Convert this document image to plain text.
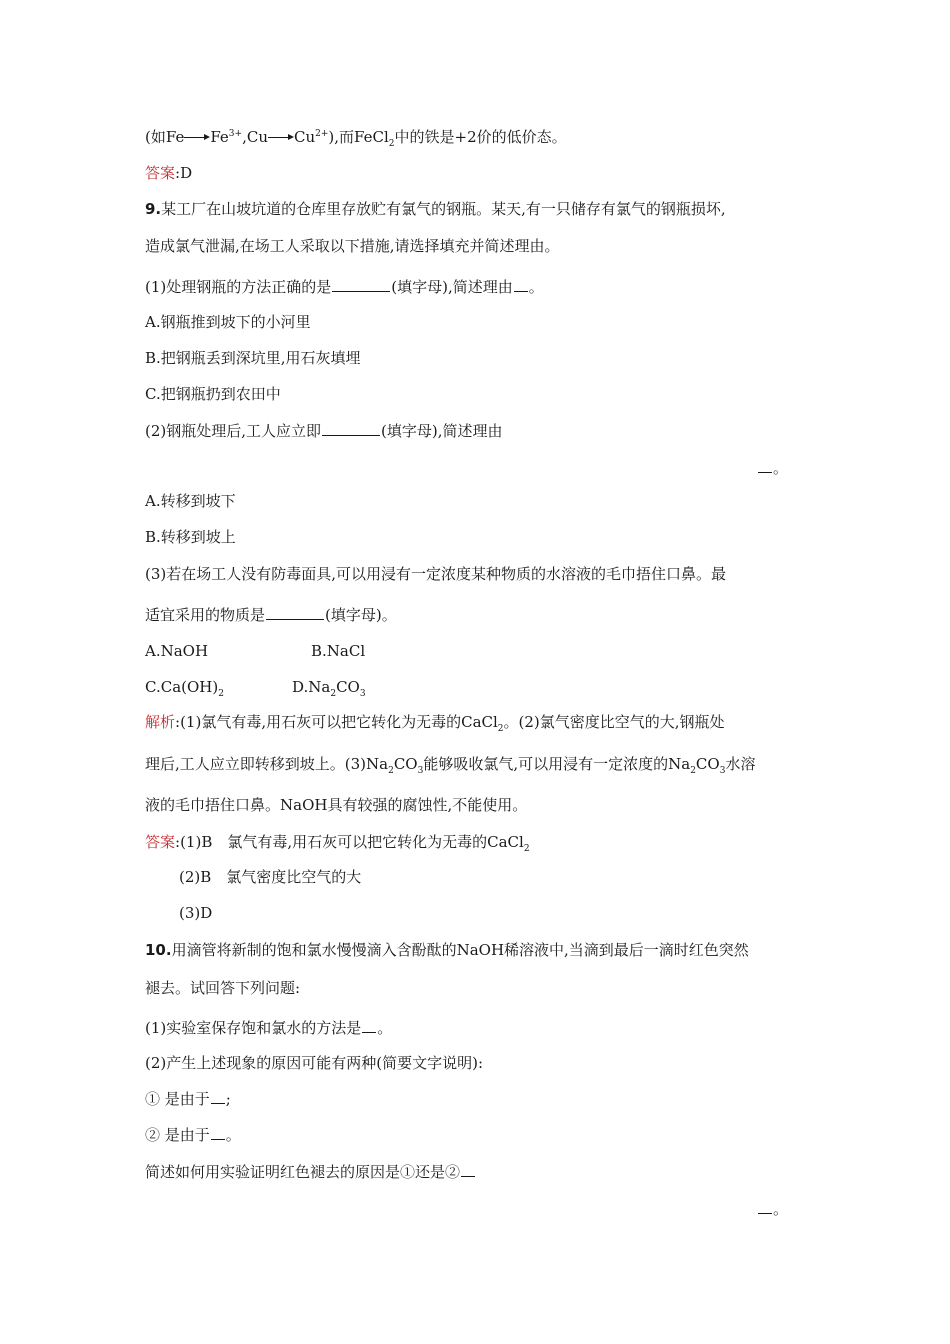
(如Fe $Fe^{3+},Cu$ $Cu^{2+}$),而FeCl$_2$中的铁是+2价的低价态。
答案:D
9.某工厂在山坡坑道的仓库里存放贮有氯气的钢瓶。某天,有一只储存有氯气的钢瓶损坏,
造成氯气泄漏,在场工人采取以下措施,请选择填充并简述理由。
(1)处理钢瓶的方法正确的是	(填字母),简述理由 。
A.钢瓶推到坡下的小河里
B.把钢瓶丢到深坑里,用石灰填埋
C.把钢瓶扔到农田中
(2)钢瓶处理后,工人应立即	(填字母),简述理由
。
A.转移到坡下
B.转移到坡上
(3)若在场工人没有防毒面具,可以用浸有一定浓度某种物质的水溶液的毛巾捂住口鼻。最
适宜采用的物质是	(填字母)。
A.NaOH	B.NaCl
$C.Ca(OH)_2$	$D.Na_2CO_3$
解析:(1)氯气有毒,用石灰可以把它转化为无毒的CaCl$_2$。(2)氯气密度比空气的大,钢瓶处
理后,工人应立即转移到坡上。$(3)Na_2CO_3$能够吸收氯气,可以用浸有一定浓度的$Na_2CO_3$水溶
液的毛巾捂住口鼻。NaOH具有较强的腐蚀性,不能使用。
答案:(1)B　氯气有毒,用石灰可以把它转化为无毒的CaCl$_2$
(2)B　氯气密度比空气的大
(3)D
10.用滴管将新制的饱和氯水慢慢滴入含酚酞的NaOH稀溶液中,当滴到最后一滴时红色突然
褪去。试回答下列问题:
(1)实验室保存饱和氯水的方法是 。
(2)产生上述现象的原因可能有两种(简要文字说明):
① 是由于 ;
② 是由于 。
简述如何用实验证明红色褪去的原因是①还是②
。
